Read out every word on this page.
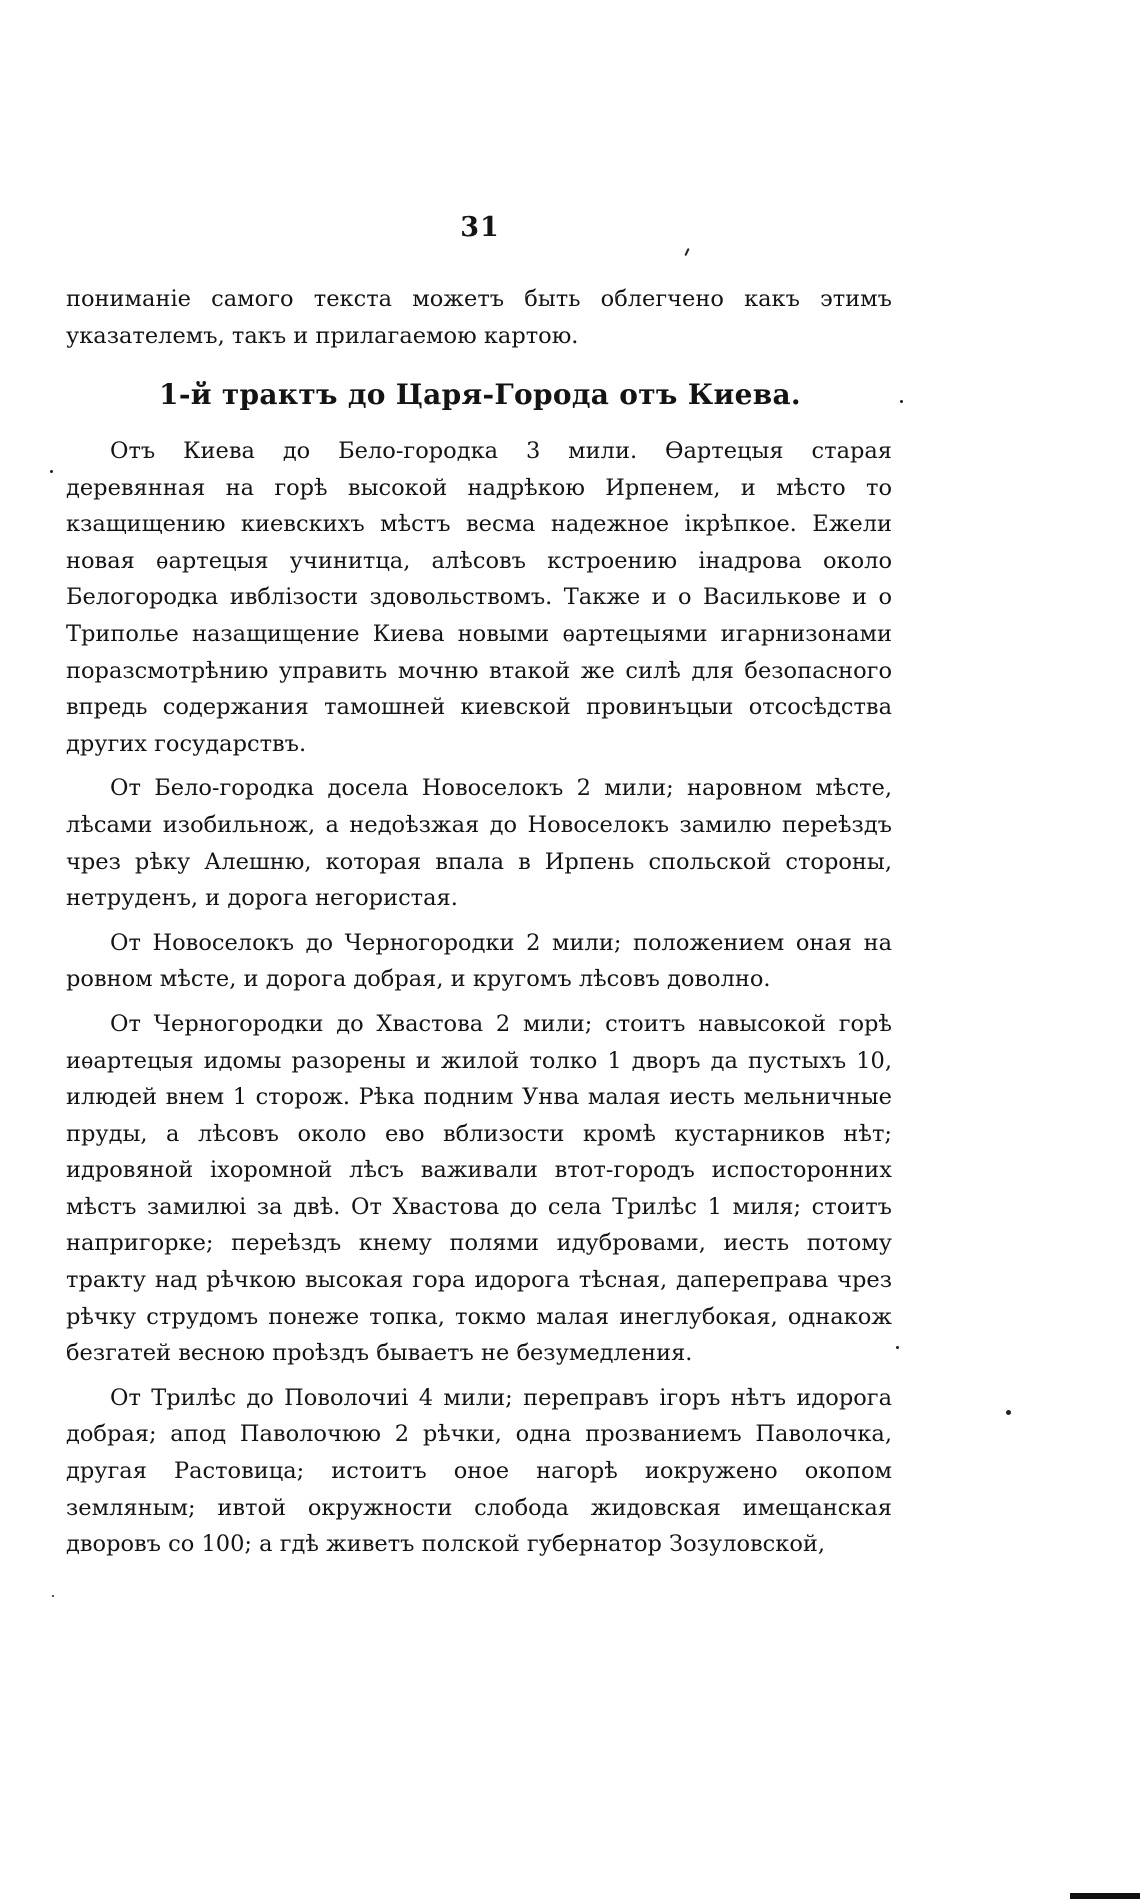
31

пониманіе самого текста можетъ быть облегчено какъ этимъ указателемъ, такъ и прилагаемою картою.

1-й трактъ до Царя-Города отъ Киева.

Отъ Киева до Бело-городка 3 мили. Ѳартецыя старая деревянная на горѣ высокой надрѣкою Ирпенем, и мѣсто то кзащищению киевскихъ мѣстъ весма надежное ікрѣпкое. Ежели новая ѳартецыя учинитца, алѣсовъ кстроению інадрова около Белогородка ивблізости здовольствомъ. Также и о Василькове и о Триполье назащищение Киева новыми ѳартецыями игарнизонами поразсмотрѣнию управить мочню втакой же силѣ для безопасного впредь содержания тамошней киевской провинъцыи отсосѣдства других государствъ.

От Бело-городка досела Новоселокъ 2 мили; наровном мѣсте, лѣсами изобильнож, а недоѣзжая до Новоселокъ замилю переѣздъ чрез рѣку Алешню, которая впала в Ирпень спольской стороны, нетруденъ, и дорога негористая.

От Новоселокъ до Черногородки 2 мили; положением оная на ровном мѣсте, и дорога добрая, и кругомъ лѣсовъ доволно.

От Черногородки до Хвастова 2 мили; стоитъ навысокой горѣ иѳартецыя идомы разорены и жилой толко 1 дворъ да пустыхъ 10, илюдей внем 1 сторож. Рѣка подним Унва малая иесть мельничные пруды, а лѣсовъ около ево вблизости кромѣ кустарников нѣт; идровяной іхоромной лѣсъ важивали втот-городъ испосторонних мѣстъ замилюі за двѣ. От Хвастова до села Трилѣс 1 миля; стоитъ напригорке; переѣздъ кнему полями идубровами, иесть потому тракту над рѣчкою высокая гора идорога тѣсная, даперепрaва чрез рѣчку струдомъ понеже топка, токмо малая инеглубокая, однакож безгатей весною проѣздъ бываетъ не безумедления.

От Трилѣс до Поволочиі 4 мили; переправъ ігоръ нѣтъ идорога добрая; апод Паволочюю 2 рѣчки, одна прозваниемъ Паволочка, другая Растовица; истоитъ оное нагорѣ иокружено окопом земляным; ивтой окружности слобода жидовская имещанская дворовъ со 100; а гдѣ живетъ полской губернатор Зозуловской,
